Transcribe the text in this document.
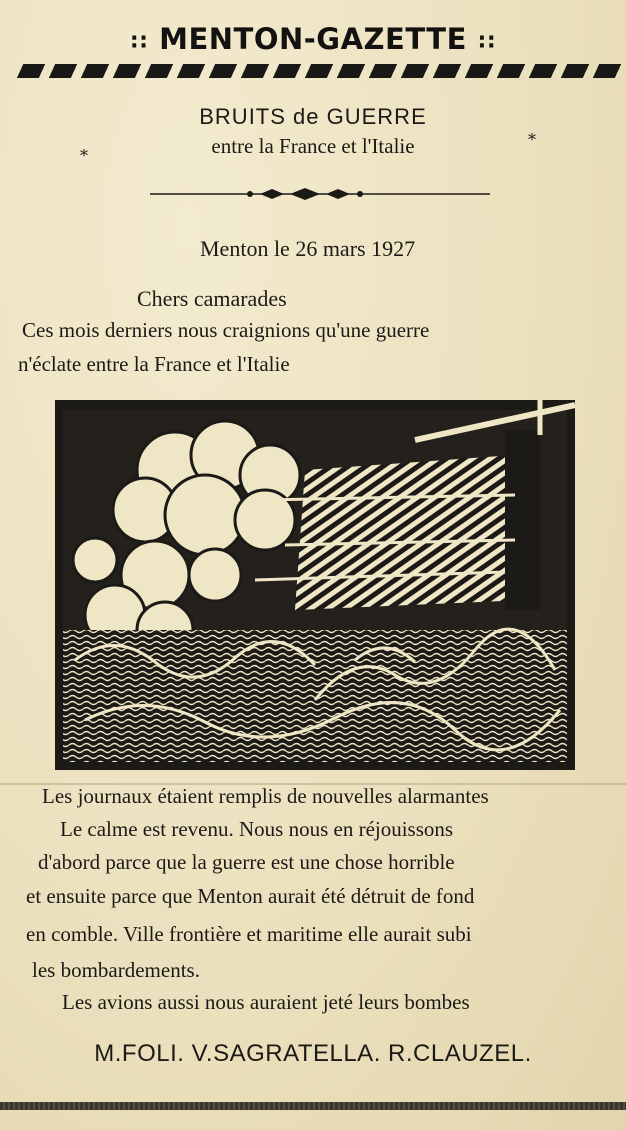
:: MENTON-GAZETTE ::
BRUITS de GUERRE
entre la France et l'Italie
*
*
Menton le 26 mars 1927
Chers camarades
Ces mois derniers nous craignions qu'une guerre
n'éclate entre la France et l'Italie
Les journaux étaient remplis de nouvelles alarmantes
Le calme est revenu. Nous nous en réjouissons
d'abord parce que la guerre est une chose horrible
et ensuite parce que Menton aurait été détruit de fond
en comble. Ville frontière et maritime elle aurait subi
les bombardements.
Les avions aussi nous auraient jeté leurs bombes
M.FOLI. V.SAGRATELLA. R.CLAUZEL.
